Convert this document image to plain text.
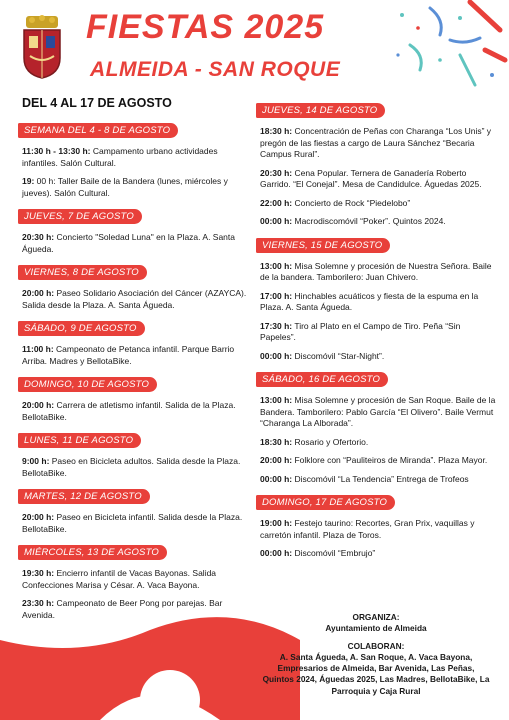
FIESTAS 2025
ALMEIDA - SAN ROQUE
DEL 4 AL 17 DE AGOSTO
SEMANA DEL 4 - 8 DE AGOSTO
11:30 h - 13:30 h: Campamento urbano actividades infantiles. Salón Cultural.
19: 00 h: Taller Baile de la Bandera (lunes, miércoles y jueves). Salón Cultural.
JUEVES, 7 DE AGOSTO
20:30 h: Concierto "Soledad Luna" en la Plaza. A. Santa Águeda.
VIERNES, 8 DE AGOSTO
20:00 h: Paseo Solidario Asociación del Cáncer (AZAYCA). Salida desde la Plaza. A. Santa Águeda.
SÁBADO, 9 DE AGOSTO
11:00 h: Campeonato de Petanca infantil. Parque Barrio Arriba. Madres y BellotaBike.
DOMINGO, 10 DE AGOSTO
20:00 h: Carrera de atletismo infantil. Salida de la Plaza. BellotaBike.
LUNES, 11 DE AGOSTO
9:00 h: Paseo en Bicicleta adultos. Salida desde la Plaza. BellotaBike.
MARTES, 12 DE AGOSTO
20:00 h: Paseo en Bicicleta infantil. Salida desde la Plaza. BellotaBike.
MIÉRCOLES, 13 DE AGOSTO
19:30 h: Encierro infantil de Vacas Bayonas. Salida Confecciones Marisa y César. A. Vaca Bayona.
23:30 h: Campeonato de Beer Pong por parejas. Bar Avenida.
JUEVES, 14 DE AGOSTO
18:30 h: Concentración de Peñas con Charanga “Los Unis” y pregón de las fiestas a cargo de Laura Sánchez “Becaria Campus Rural”.
20:30 h: Cena Popular. Ternera de Ganadería Roberto Garrido. “El Conejal”. Mesa de Candidulce. Águedas 2025.
22:00 h: Concierto de Rock “Piedelobo”
00:00 h: Macrodiscomóvil “Poker”. Quintos 2024.
VIERNES, 15 DE AGOSTO
13:00 h: Misa Solemne y procesión de Nuestra Señora. Baile de la bandera. Tamborilero: Juan Chivero.
17:00 h: Hinchables acuáticos y fiesta de la espuma en la Plaza. A. Santa Águeda.
17:30 h: Tiro al Plato en el Campo de Tiro. Peña “Sin Papeles”.
00:00 h: Discomóvil “Star-Night”.
SÁBADO, 16 DE AGOSTO
13:00 h: Misa Solemne y procesión de San Roque. Baile de la Bandera. Tamborilero: Pablo García “El Olivero”. Baile Vermut “Charanga La Alborada”.
18:30 h: Rosario y Ofertorio.
20:00 h: Folklore con “Pauliteiros de Miranda”. Plaza Mayor.
00:00 h: Discomóvil “La Tendencia” Entrega de Trofeos
DOMINGO, 17 DE AGOSTO
19:00 h: Festejo taurino: Recortes, Gran Prix, vaquillas y carretón infantil. Plaza de Toros.
00:00 h: Discomóvil “Embrujo”

ORGANIZA:

Ayuntamiento de Almeida

COLABORAN:

A. Santa Águeda, A. San Roque, A. Vaca Bayona, Empresarios de Almeida, Bar Avenida, Las Peñas, Quintos 2024, Águedas 2025, Las Madres, BellotaBike, La Parroquia y Caja Rural
